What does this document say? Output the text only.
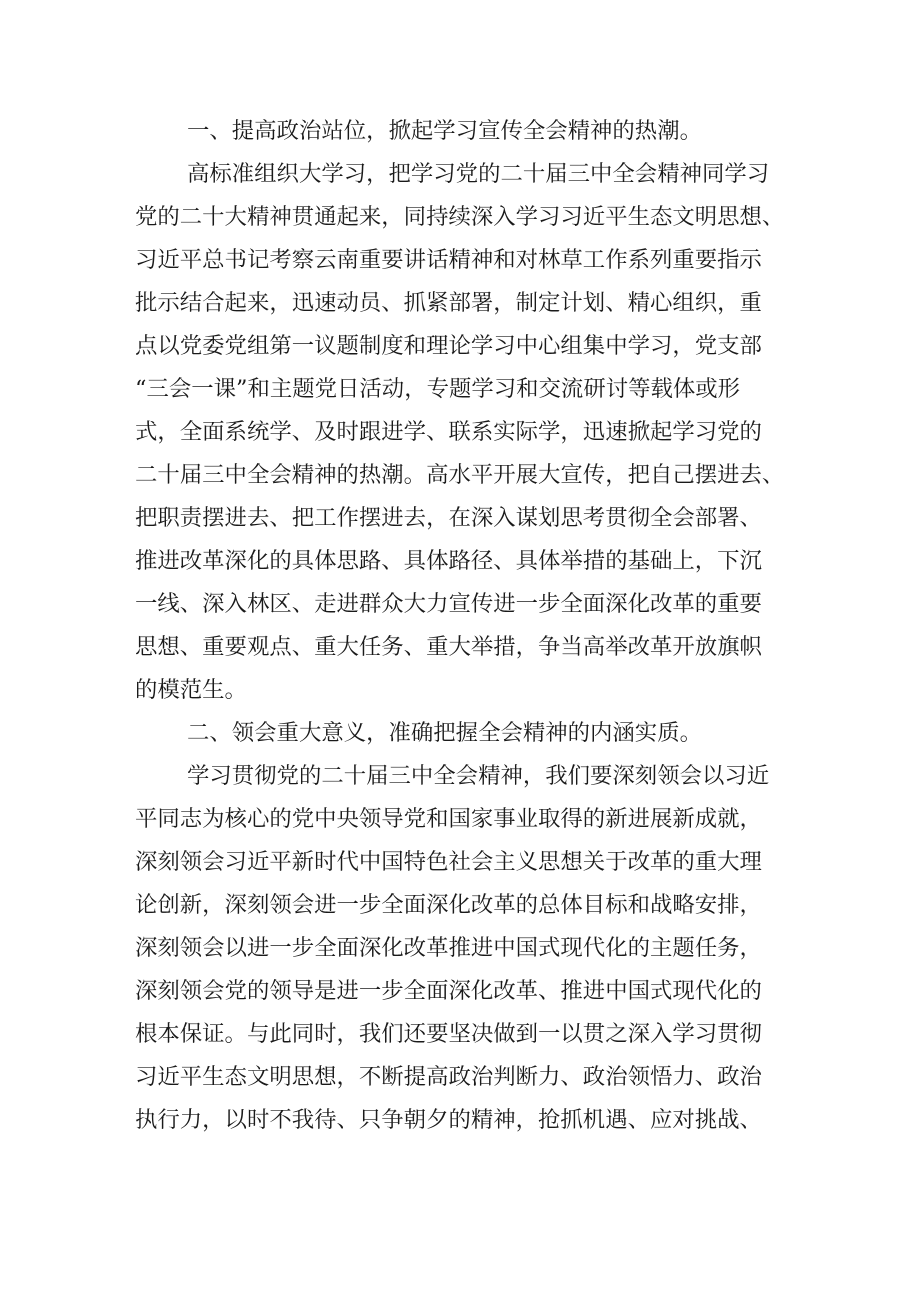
一、提高政治站位，掀起学习宣传全会精神的热潮。
高标准组织大学习，把学习党的二十届三中全会精神同学习
党的二十大精神贯通起来，同持续深入学习习近平生态文明思想、
习近平总书记考察云南重要讲话精神和对林草工作系列重要指示
批示结合起来，迅速动员、抓紧部署，制定计划、精心组织，重
点以党委党组第一议题制度和理论学习中心组集中学习，党支部
“三会一课”和主题党日活动，专题学习和交流研讨等载体或形
式，全面系统学、及时跟进学、联系实际学，迅速掀起学习党的
二十届三中全会精神的热潮。高水平开展大宣传，把自己摆进去、
把职责摆进去、把工作摆进去，在深入谋划思考贯彻全会部署、
推进改革深化的具体思路、具体路径、具体举措的基础上，下沉
一线、深入林区、走进群众大力宣传进一步全面深化改革的重要
思想、重要观点、重大任务、重大举措，争当高举改革开放旗帜
的模范生。
二、领会重大意义，准确把握全会精神的内涵实质。
学习贯彻党的二十届三中全会精神，我们要深刻领会以习近
平同志为核心的党中央领导党和国家事业取得的新进展新成就，
深刻领会习近平新时代中国特色社会主义思想关于改革的重大理
论创新，深刻领会进一步全面深化改革的总体目标和战略安排，
深刻领会以进一步全面深化改革推进中国式现代化的主题任务，
深刻领会党的领导是进一步全面深化改革、推进中国式现代化的
根本保证。与此同时，我们还要坚决做到一以贯之深入学习贯彻
习近平生态文明思想，不断提高政治判断力、政治领悟力、政治
执行力，以时不我待、只争朝夕的精神，抢抓机遇、应对挑战、
